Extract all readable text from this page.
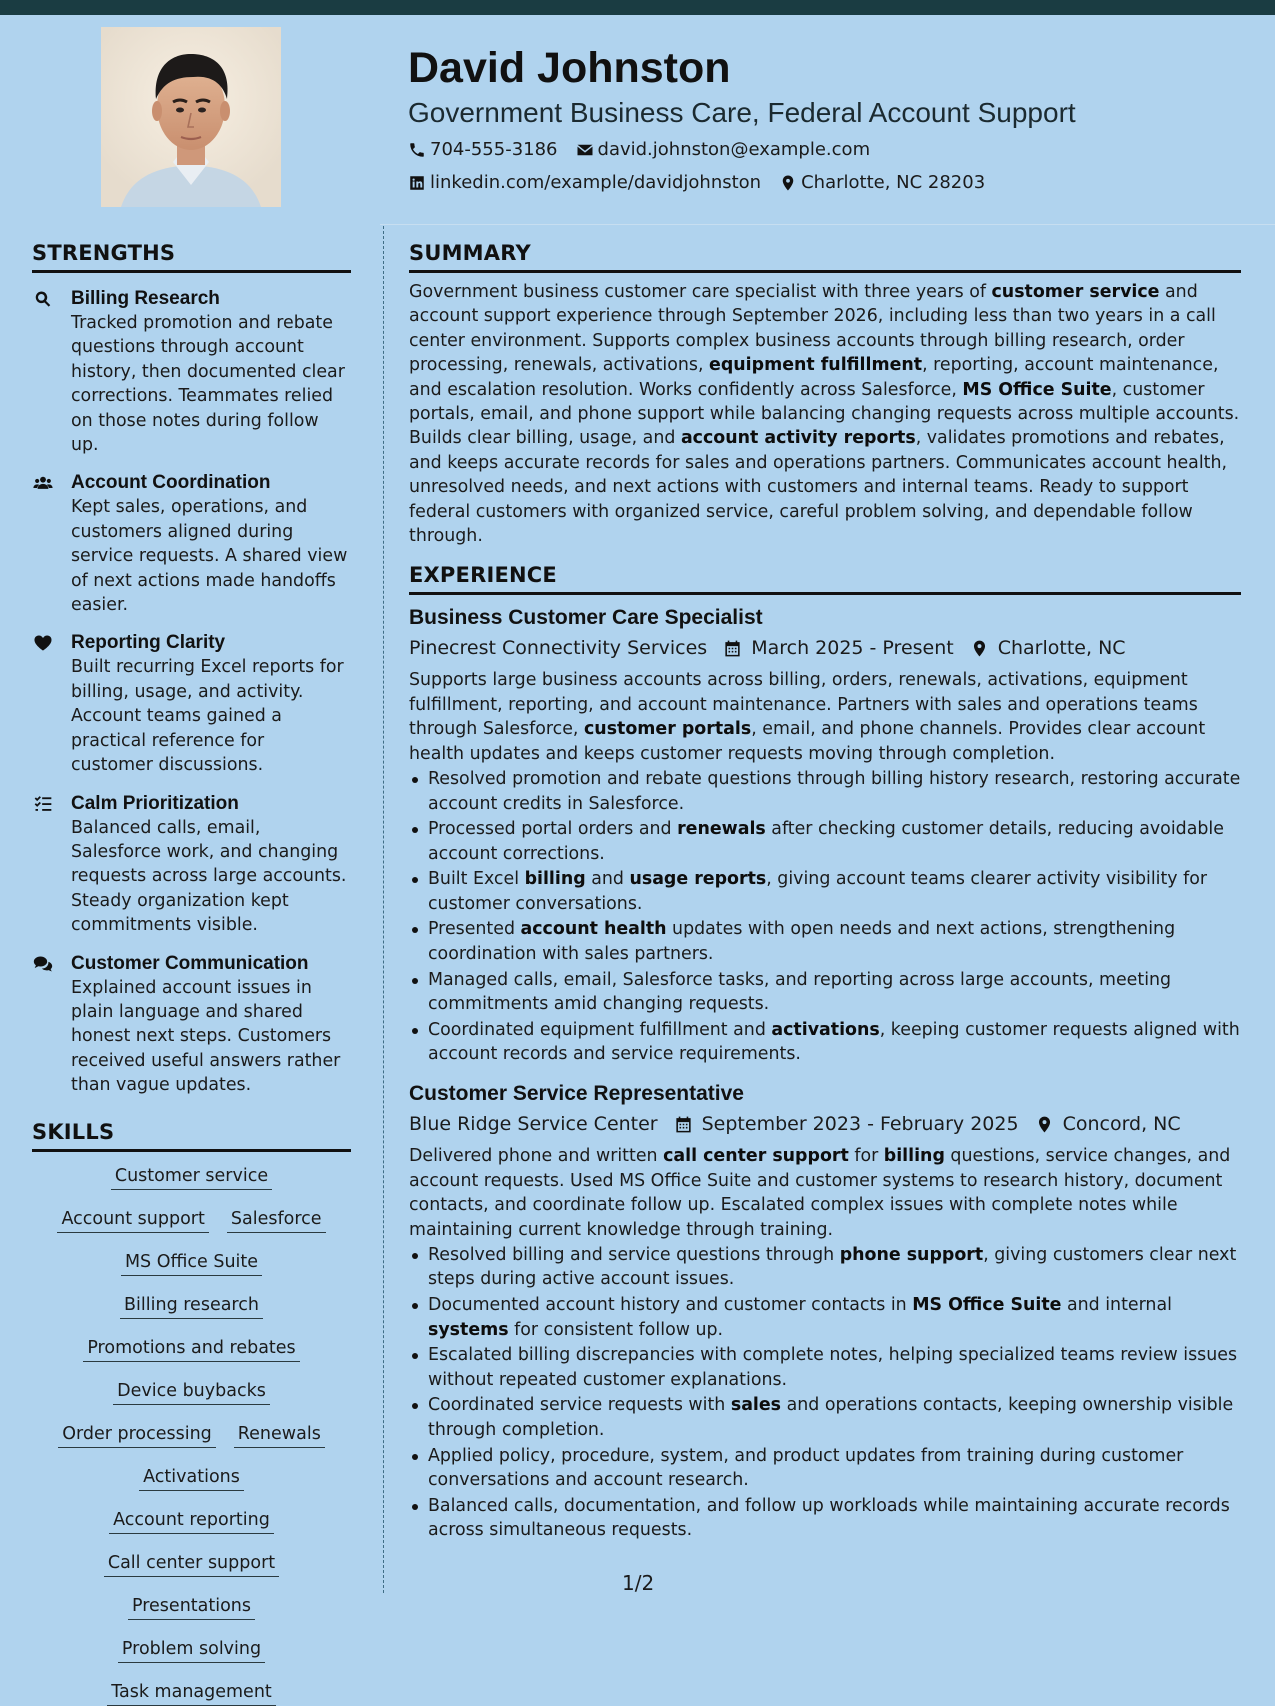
David Johnston
Government Business Care, Federal Account Support
704-555-3186 david.johnston@example.com
linkedin.com/example/davidjohnston Charlotte, NC 28203
STRENGTHS
Billing Research
Tracked promotion and rebate questions through account history, then documented clear corrections. Teammates relied on those notes during follow up.
Account Coordination
Kept sales, operations, and customers aligned during service requests. A shared view of next actions made handoffs easier.
Reporting Clarity
Built recurring Excel reports for billing, usage, and activity. Account teams gained a practical reference for customer discussions.
Calm Prioritization
Balanced calls, email, Salesforce work, and changing requests across large accounts. Steady organization kept commitments visible.
Customer Communication
Explained account issues in plain language and shared honest next steps. Customers received useful answers rather than vague updates.
SKILLS
Customer service
Account support Salesforce
MS Office Suite
Billing research
Promotions and rebates
Device buybacks
Order processing Renewals
Activations
Account reporting
Call center support
Presentations
Problem solving
Task management
SUMMARY
Government business customer care specialist with three years of customer service and account support experience through September 2026, including less than two years in a call center environment. Supports complex business accounts through billing research, order processing, renewals, activations, equipment fulfillment, reporting, account maintenance, and escalation resolution. Works confidently across Salesforce, MS Office Suite, customer portals, email, and phone support while balancing changing requests across multiple accounts. Builds clear billing, usage, and account activity reports, validates promotions and rebates, and keeps accurate records for sales and operations partners. Communicates account health, unresolved needs, and next actions with customers and internal teams. Ready to support federal customers with organized service, careful problem solving, and dependable follow through.
EXPERIENCE
Business Customer Care Specialist
Pinecrest Connectivity Services March 2025 - Present Charlotte, NC
Supports large business accounts across billing, orders, renewals, activations, equipment fulfillment, reporting, and account maintenance. Partners with sales and operations teams through Salesforce, customer portals, email, and phone channels. Provides clear account health updates and keeps customer requests moving through completion.
Resolved promotion and rebate questions through billing history research, restoring accurate account credits in Salesforce.
Processed portal orders and renewals after checking customer details, reducing avoidable account corrections.
Built Excel billing and usage reports, giving account teams clearer activity visibility for customer conversations.
Presented account health updates with open needs and next actions, strengthening coordination with sales partners.
Managed calls, email, Salesforce tasks, and reporting across large accounts, meeting commitments amid changing requests.
Coordinated equipment fulfillment and activations, keeping customer requests aligned with account records and service requirements.
Customer Service Representative
Blue Ridge Service Center September 2023 - February 2025 Concord, NC
Delivered phone and written call center support for billing questions, service changes, and account requests. Used MS Office Suite and customer systems to research history, document contacts, and coordinate follow up. Escalated complex issues with complete notes while maintaining current knowledge through training.
Resolved billing and service questions through phone support, giving customers clear next steps during active account issues.
Documented account history and customer contacts in MS Office Suite and internal systems for consistent follow up.
Escalated billing discrepancies with complete notes, helping specialized teams review issues without repeated customer explanations.
Coordinated service requests with sales and operations contacts, keeping ownership visible through completion.
Applied policy, procedure, system, and product updates from training during customer conversations and account research.
Balanced calls, documentation, and follow up workloads while maintaining accurate records across simultaneous requests.
1/2
